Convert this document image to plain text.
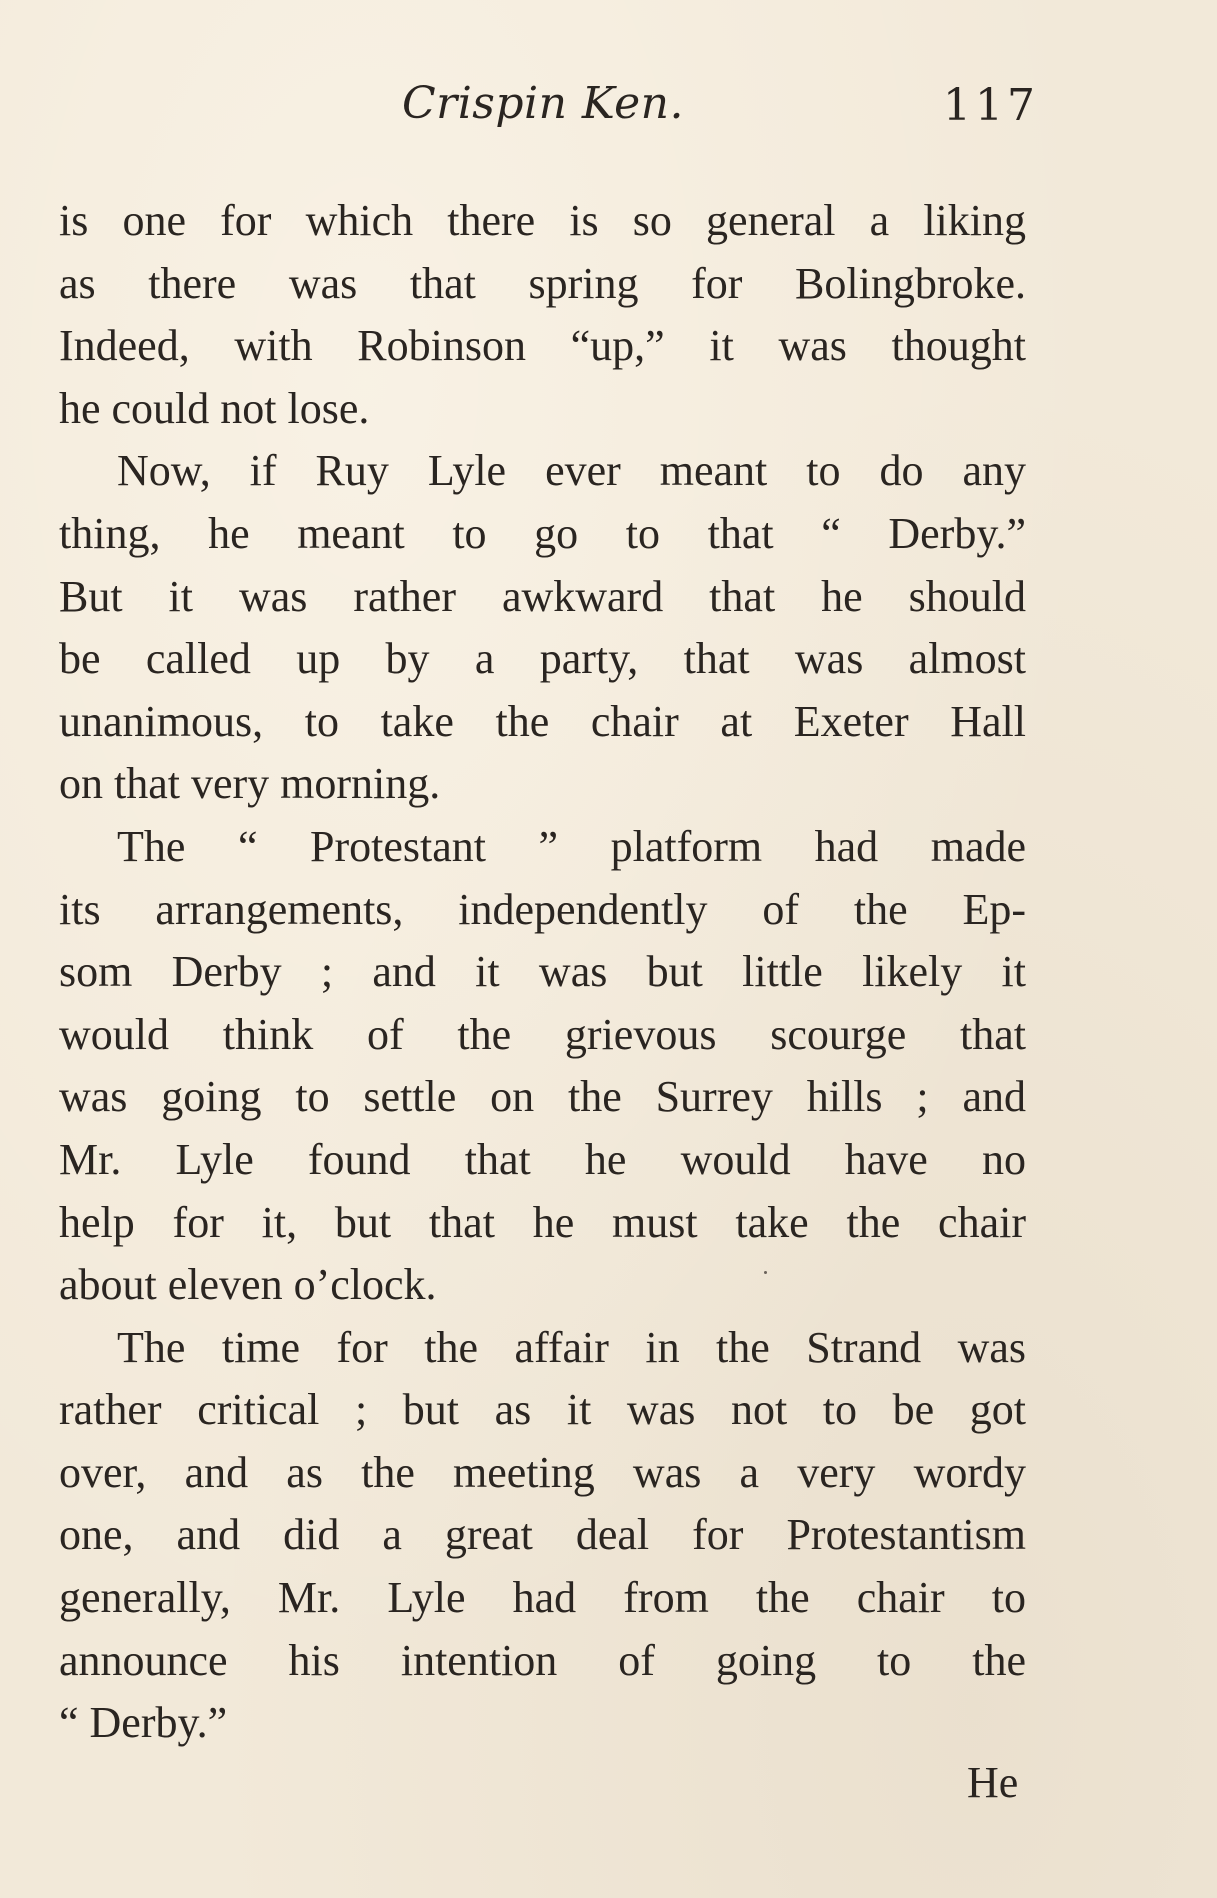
Crispin Ken.	117
is one for which there is so general a liking
as there was that spring for Bolingbroke.
Indeed, with Robinson “up,” it was thought
he could not lose.
Now, if Ruy Lyle ever meant to do any
thing, he meant to go to that “ Derby.”
But it was rather awkward that he should
be called up by a party, that was almost
unanimous, to take the chair at Exeter Hall
on that very morning.
The “ Protestant ” platform had made
its arrangements, independently of the Ep-
som Derby ; and it was but little likely it
would think of the grievous scourge that
was going to settle on the Surrey hills ; and
Mr. Lyle found that he would have no
help for it, but that he must take the chair
about eleven o’clock.
The time for the affair in the Strand was
rather critical ; but as it was not to be got
over, and as the meeting was a very wordy
one, and did a great deal for Protestantism
generally, Mr. Lyle had from the chair to
announce his intention of going to the
“ Derby.”
He
